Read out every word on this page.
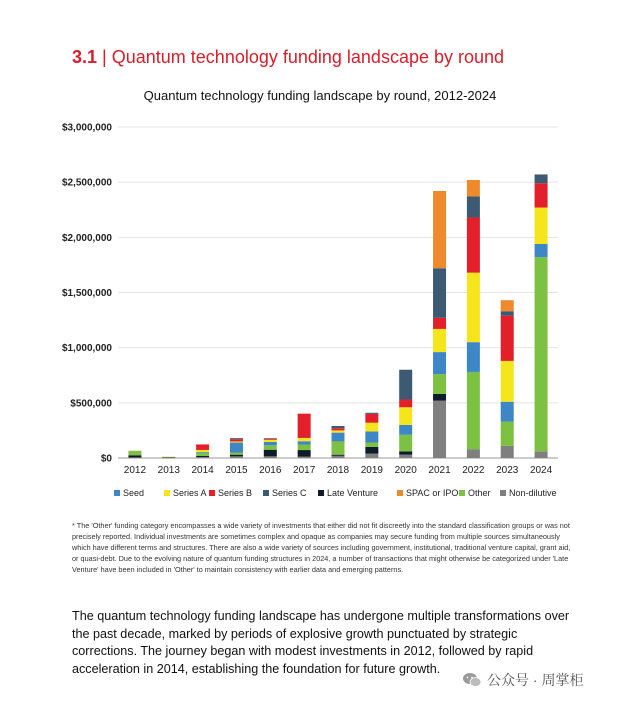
3.1 | Quantum technology funding landscape by round
Quantum technology funding landscape by round, 2012-2024
$0
$500,000
$1,000,000
$1,500,000
$2,000,000
$2,500,000
$3,000,000
2012 2013 2014 2015 2016 2017 2018 2019 2020 2021 2022 2023 2024
Seed	Series A Series B Series C Late Venture	SPAC or IPO Other Non-dilutive
* The 'Other' funding category encompasses a wide variety of investments that either did not fit discreetly into the standard classification groups or was not precisely reported. Individual investments are sometimes complex and opaque as companies may secure funding from multiple sources simultaneously which have different terms and structures. There are also a wide variety of sources including government, institutional, traditional venture capital, grant aid, or quasi-debt. Due to the evolving nature of quantum funding structures in 2024, a number of transactions that might otherwise be categorized under 'Late Venture' have been included in 'Other' to maintain consistency with earlier data and emerging patterns.
The quantum technology funding landscape has undergone multiple transformations over the past decade, marked by periods of explosive growth punctuated by strategic corrections. The journey began with modest investments in 2012, followed by rapid acceleration in 2014, establishing the foundation for future growth.
公众号 · 周掌柜
